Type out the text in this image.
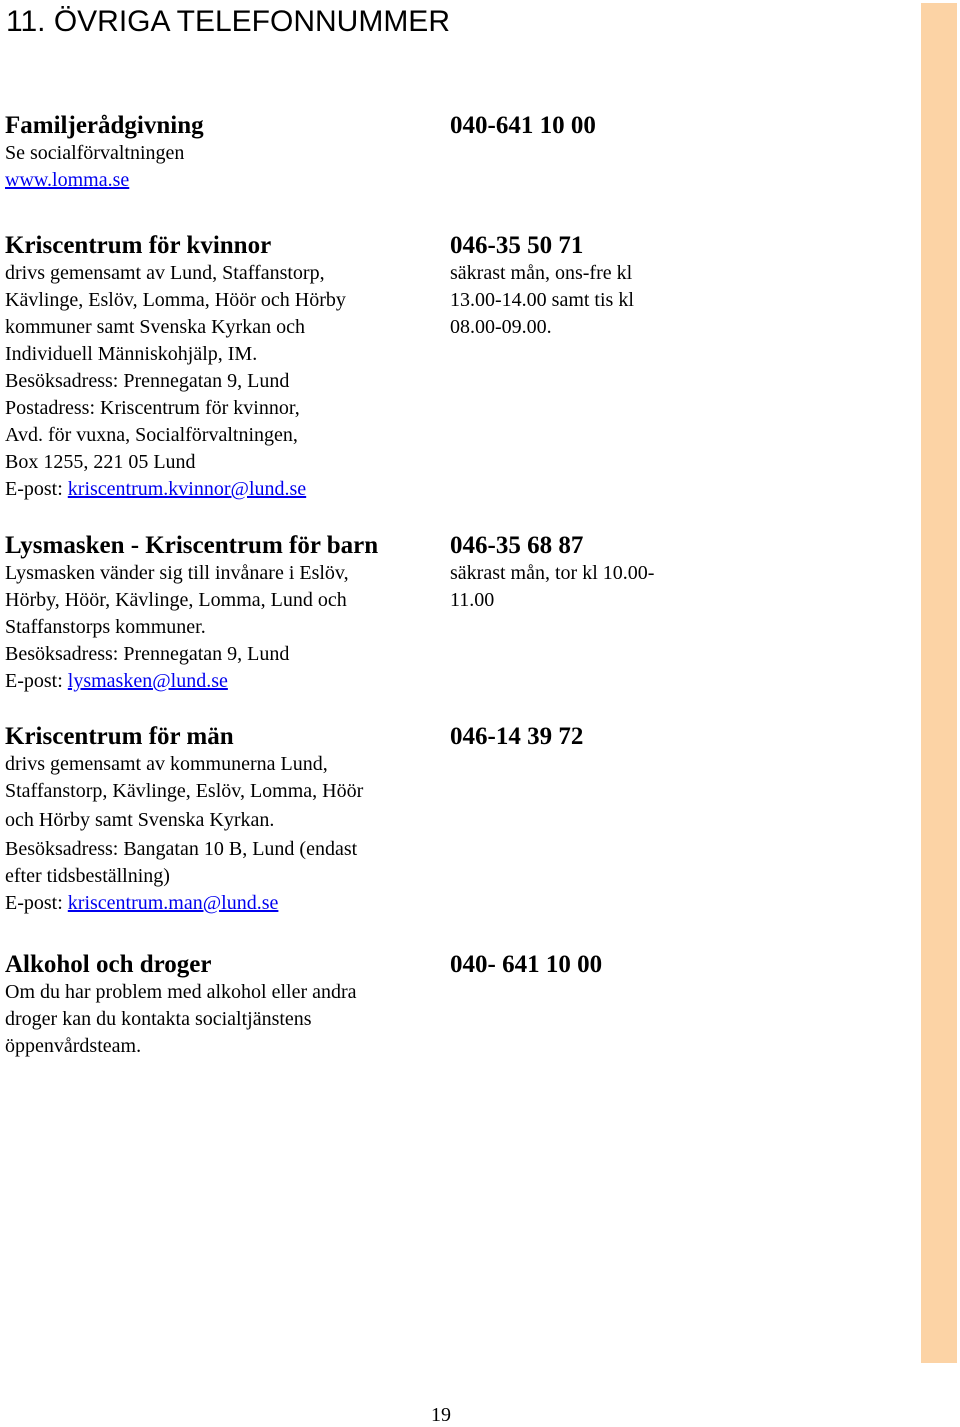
11. ÖVRIGA TELEFONNUMMER
Familjerådgivning
Se socialförvaltningen
www.lomma.se
040-641 10 00
Kriscentrum för kvinnor
drivs gemensamt av Lund, Staffanstorp,
Kävlinge, Eslöv, Lomma, Höör och Hörby
kommuner samt Svenska Kyrkan och
Individuell Människohjälp, IM.
Besöksadress: Prennegatan 9, Lund
Postadress: Kriscentrum för kvinnor,
Avd. för vuxna, Socialförvaltningen,
Box 1255, 221 05 Lund
E-post: kriscentrum.kvinnor@lund.se
046-35 50 71
säkrast mån, ons-fre kl
13.00-14.00 samt tis kl
08.00-09.00.
Lysmasken - Kriscentrum för barn
Lysmasken vänder sig till invånare i Eslöv,
Hörby, Höör, Kävlinge, Lomma, Lund och
Staffanstorps kommuner.
Besöksadress: Prennegatan 9, Lund
E-post: lysmasken@lund.se
046-35 68 87
säkrast mån, tor kl 10.00-
11.00
Kriscentrum för män
drivs gemensamt av kommunerna Lund,
Staffanstorp, Kävlinge, Eslöv, Lomma, Höör
och Hörby samt Svenska Kyrkan.
Besöksadress: Bangatan 10 B, Lund (endast
efter tidsbeställning)
E-post: kriscentrum.man@lund.se
046-14 39 72
Alkohol och droger
Om du har problem med alkohol eller andra
droger kan du kontakta socialtjänstens
öppenvårdsteam.
040- 641 10 00
19
